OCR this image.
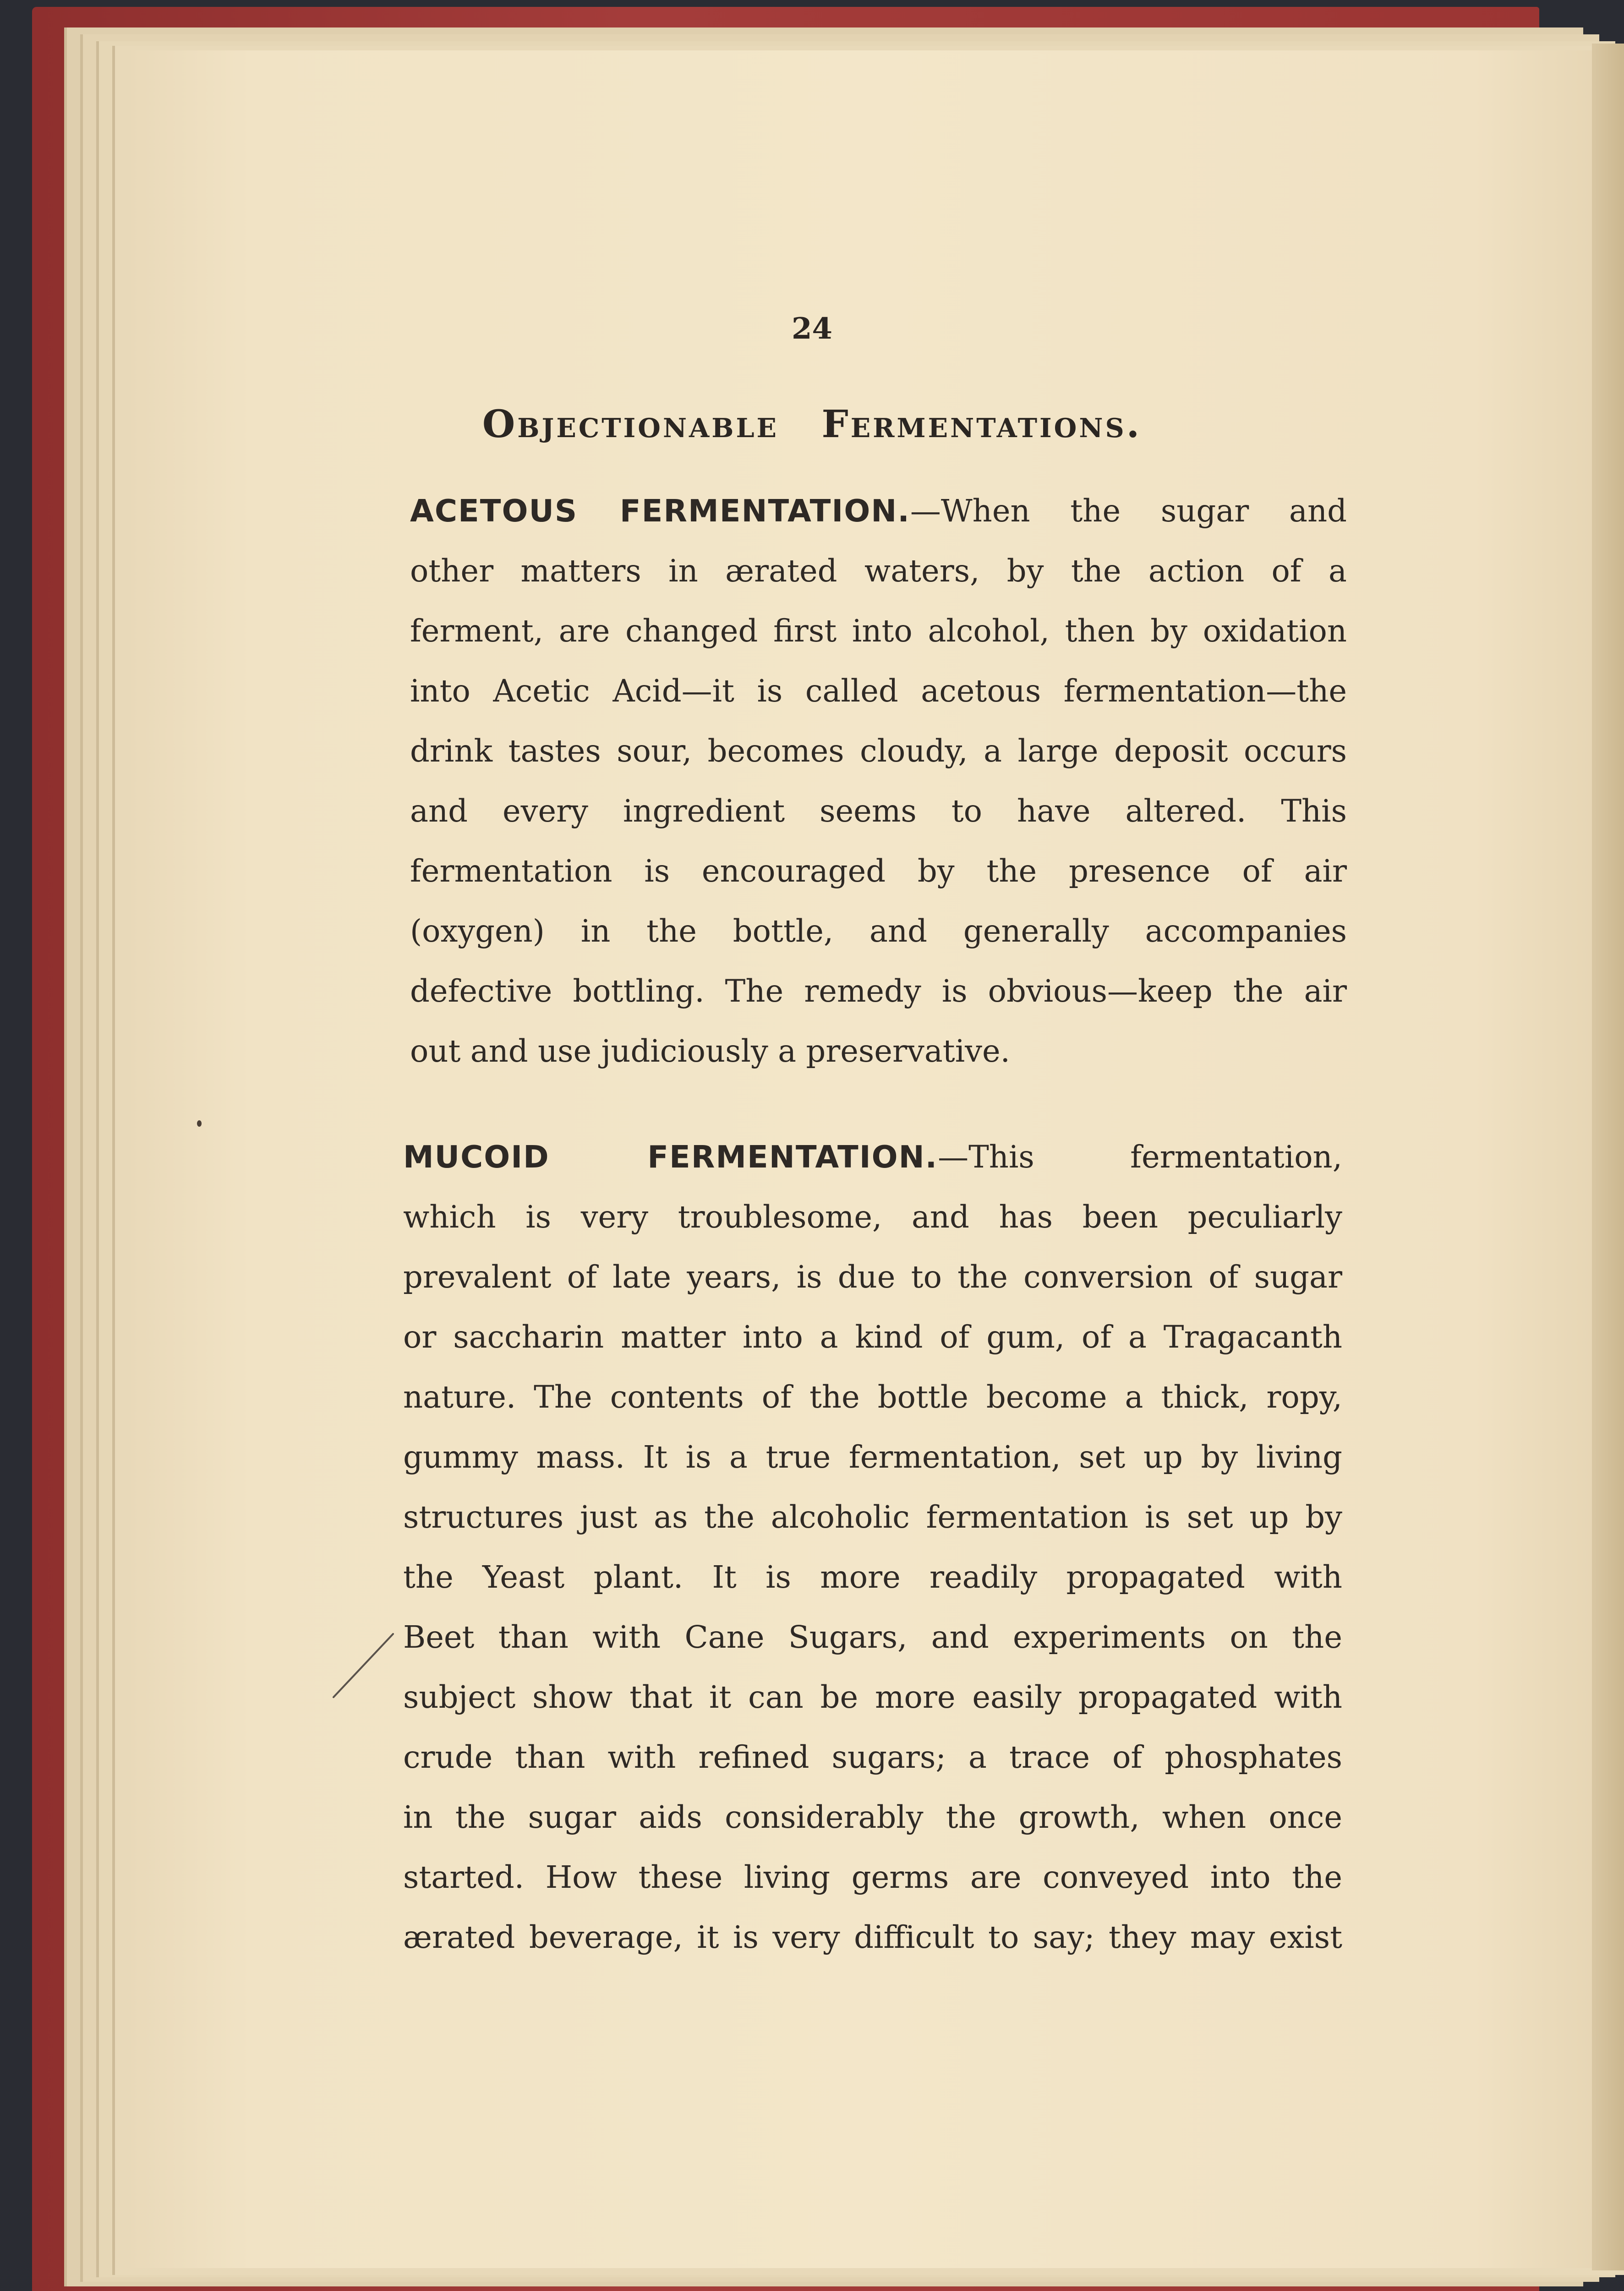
24
Objectionable Fermentations.
ACETOUS FERMENTATION.—When the sugar and
other matters in ærated waters, by the action of a
ferment, are changed first into alcohol, then by oxidation
into Acetic Acid—it is called acetous fermentation—the
drink tastes sour, becomes cloudy, a large deposit occurs
and every ingredient seems to have altered. This
fermentation is encouraged by the presence of air
(oxygen) in the bottle, and generally accompanies
defective bottling. The remedy is obvious—keep the air
out and use judiciously a preservative.
MUCOID FERMENTATION.—This fermentation,
which is very troublesome, and has been peculiarly
prevalent of late years, is due to the conversion of sugar
or saccharin matter into a kind of gum, of a Tragacanth
nature. The contents of the bottle become a thick, ropy,
gummy mass. It is a true fermentation, set up by living
structures just as the alcoholic fermentation is set up by
the Yeast plant. It is more readily propagated with
Beet than with Cane Sugars, and experiments on the
subject show that it can be more easily propagated with
crude than with refined sugars; a trace of phosphates
in the sugar aids considerably the growth, when once
started. How these living germs are conveyed into the
ærated beverage, it is very difficult to say; they may exist
